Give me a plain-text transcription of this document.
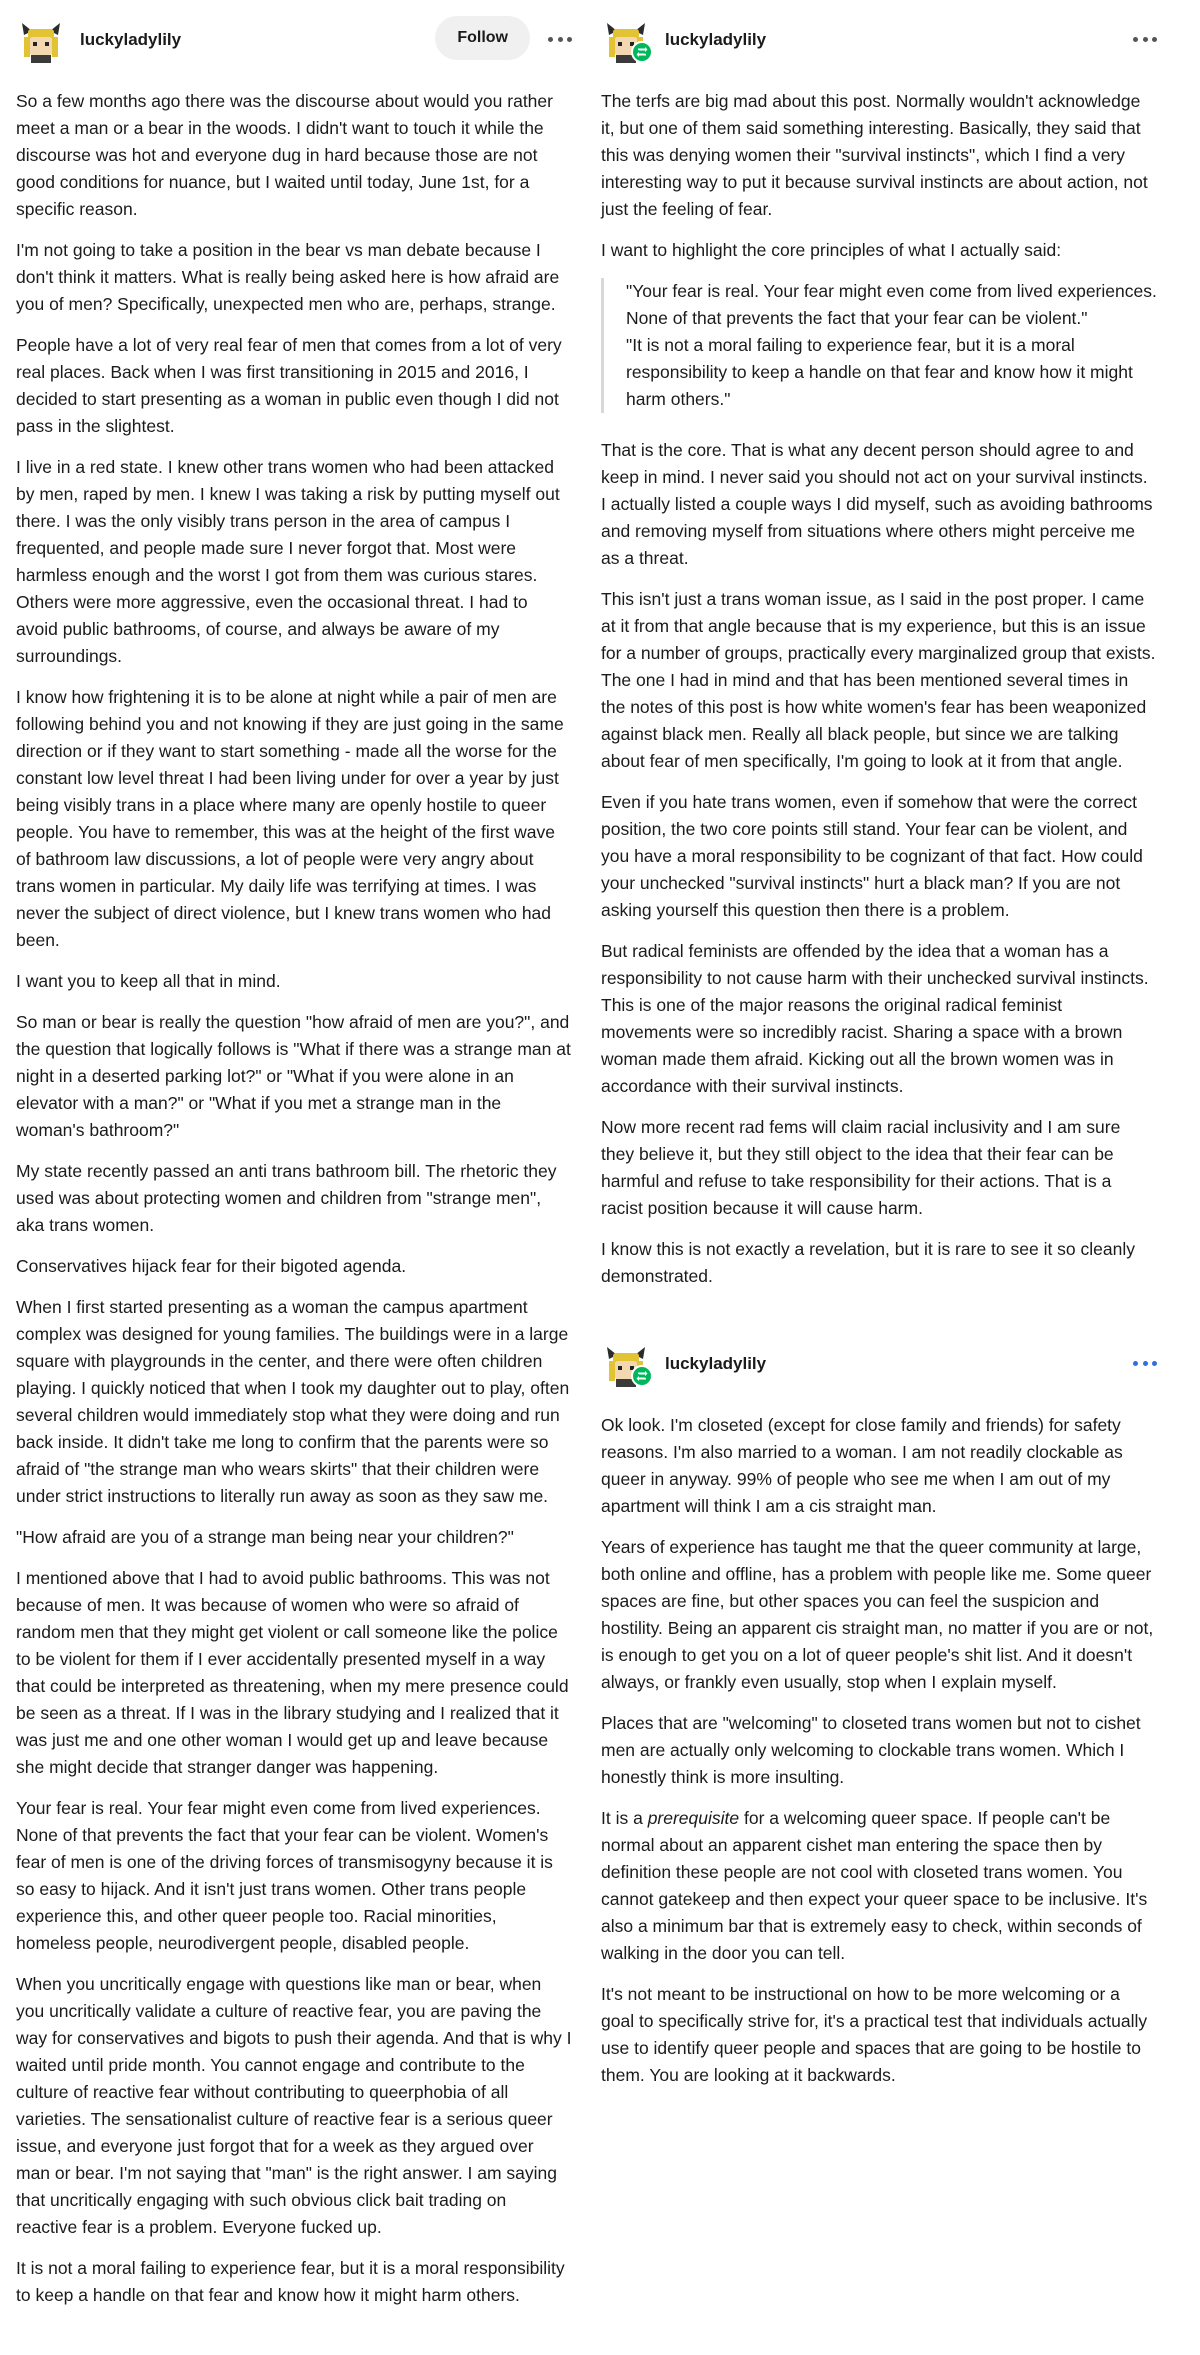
luckyladylily	Follow

So a few months ago there was the discourse about would you rather meet a man or a bear in the woods. I didn't want to touch it while the discourse was hot and everyone dug in hard because those are not good conditions for nuance, but I waited until today, June 1st, for a specific reason.

I'm not going to take a position in the bear vs man debate because I don't think it matters. What is really being asked here is how afraid are you of men? Specifically, unexpected men who are, perhaps, strange.

People have a lot of very real fear of men that comes from a lot of very real places. Back when I was first transitioning in 2015 and 2016, I decided to start presenting as a woman in public even though I did not pass in the slightest.

I live in a red state. I knew other trans women who had been attacked by men, raped by men. I knew I was taking a risk by putting myself out there. I was the only visibly trans person in the area of campus I frequented, and people made sure I never forgot that. Most were harmless enough and the worst I got from them was curious stares. Others were more aggressive, even the occasional threat. I had to avoid public bathrooms, of course, and always be aware of my surroundings.

I know how frightening it is to be alone at night while a pair of men are following behind you and not knowing if they are just going in the same direction or if they want to start something - made all the worse for the constant low level threat I had been living under for over a year by just being visibly trans in a place where many are openly hostile to queer people. You have to remember, this was at the height of the first wave of bathroom law discussions, a lot of people were very angry about trans women in particular. My daily life was terrifying at times. I was never the subject of direct violence, but I knew trans women who had been.

I want you to keep all that in mind.

So man or bear is really the question "how afraid of men are you?", and the question that logically follows is "What if there was a strange man at night in a deserted parking lot?" or "What if you were alone in an elevator with a man?" or "What if you met a strange man in the woman's bathroom?"

My state recently passed an anti trans bathroom bill. The rhetoric they used was about protecting women and children from "strange men", aka trans women.

Conservatives hijack fear for their bigoted agenda.

When I first started presenting as a woman the campus apartment complex was designed for young families. The buildings were in a large square with playgrounds in the center, and there were often children playing. I quickly noticed that when I took my daughter out to play, often several children would immediately stop what they were doing and run back inside. It didn't take me long to confirm that the parents were so afraid of "the strange man who wears skirts" that their children were under strict instructions to literally run away as soon as they saw me.

"How afraid are you of a strange man being near your children?"

I mentioned above that I had to avoid public bathrooms. This was not because of men. It was because of women who were so afraid of random men that they might get violent or call someone like the police to be violent for them if I ever accidentally presented myself in a way that could be interpreted as threatening, when my mere presence could be seen as a threat. If I was in the library studying and I realized that it was just me and one other woman I would get up and leave because she might decide that stranger danger was happening.

Your fear is real. Your fear might even come from lived experiences. None of that prevents the fact that your fear can be violent. Women's fear of men is one of the driving forces of transmisogyny because it is so easy to hijack. And it isn't just trans women. Other trans people experience this, and other queer people too. Racial minorities, homeless people, neurodivergent people, disabled people.

When you uncritically engage with questions like man or bear, when you uncritically validate a culture of reactive fear, you are paving the way for conservatives and bigots to push their agenda. And that is why I waited until pride month. You cannot engage and contribute to the culture of reactive fear without contributing to queerphobia of all varieties. The sensationalist culture of reactive fear is a serious queer issue, and everyone just forgot that for a week as they argued over man or bear. I'm not saying that "man" is the right answer. I am saying that uncritically engaging with such obvious click bait trading on reactive fear is a problem. Everyone fucked up.

It is not a moral failing to experience fear, but it is a moral responsibility to keep a handle on that fear and know how it might harm others.

luckyladylily

The terfs are big mad about this post. Normally wouldn't acknowledge it, but one of them said something interesting. Basically, they said that this was denying women their "survival instincts", which I find a very interesting way to put it because survival instincts are about action, not just the feeling of fear.

I want to highlight the core principles of what I actually said:

"Your fear is real. Your fear might even come from lived experiences. None of that prevents the fact that your fear can be violent."

"It is not a moral failing to experience fear, but it is a moral responsibility to keep a handle on that fear and know how it might harm others."

That is the core. That is what any decent person should agree to and keep in mind. I never said you should not act on your survival instincts. I actually listed a couple ways I did myself, such as avoiding bathrooms and removing myself from situations where others might perceive me as a threat.

This isn't just a trans woman issue, as I said in the post proper. I came at it from that angle because that is my experience, but this is an issue for a number of groups, practically every marginalized group that exists. The one I had in mind and that has been mentioned several times in the notes of this post is how white women's fear has been weaponized against black men. Really all black people, but since we are talking about fear of men specifically, I'm going to look at it from that angle.

Even if you hate trans women, even if somehow that were the correct position, the two core points still stand. Your fear can be violent, and you have a moral responsibility to be cognizant of that fact. How could your unchecked "survival instincts" hurt a black man? If you are not asking yourself this question then there is a problem.

But radical feminists are offended by the idea that a woman has a responsibility to not cause harm with their unchecked survival instincts. This is one of the major reasons the original radical feminist movements were so incredibly racist. Sharing a space with a brown woman made them afraid. Kicking out all the brown women was in accordance with their survival instincts.

Now more recent rad fems will claim racial inclusivity and I am sure they believe it, but they still object to the idea that their fear can be harmful and refuse to take responsibility for their actions. That is a racist position because it will cause harm.

I know this is not exactly a revelation, but it is rare to see it so cleanly demonstrated.

luckyladylily

Ok look. I'm closeted (except for close family and friends) for safety reasons. I'm also married to a woman. I am not readily clockable as queer in anyway. 99% of people who see me when I am out of my apartment will think I am a cis straight man.

Years of experience has taught me that the queer community at large, both online and offline, has a problem with people like me. Some queer spaces are fine, but other spaces you can feel the suspicion and hostility. Being an apparent cis straight man, no matter if you are or not, is enough to get you on a lot of queer people's shit list. And it doesn't always, or frankly even usually, stop when I explain myself.

Places that are "welcoming" to closeted trans women but not to cishet men are actually only welcoming to clockable trans women. Which I honestly think is more insulting.

It is a prerequisite for a welcoming queer space. If people can't be normal about an apparent cishet man entering the space then by definition these people are not cool with closeted trans women. You cannot gatekeep and then expect your queer space to be inclusive. It's also a minimum bar that is extremely easy to check, within seconds of walking in the door you can tell.

It's not meant to be instructional on how to be more welcoming or a goal to specifically strive for, it's a practical test that individuals actually use to identify queer people and spaces that are going to be hostile to them. You are looking at it backwards.
